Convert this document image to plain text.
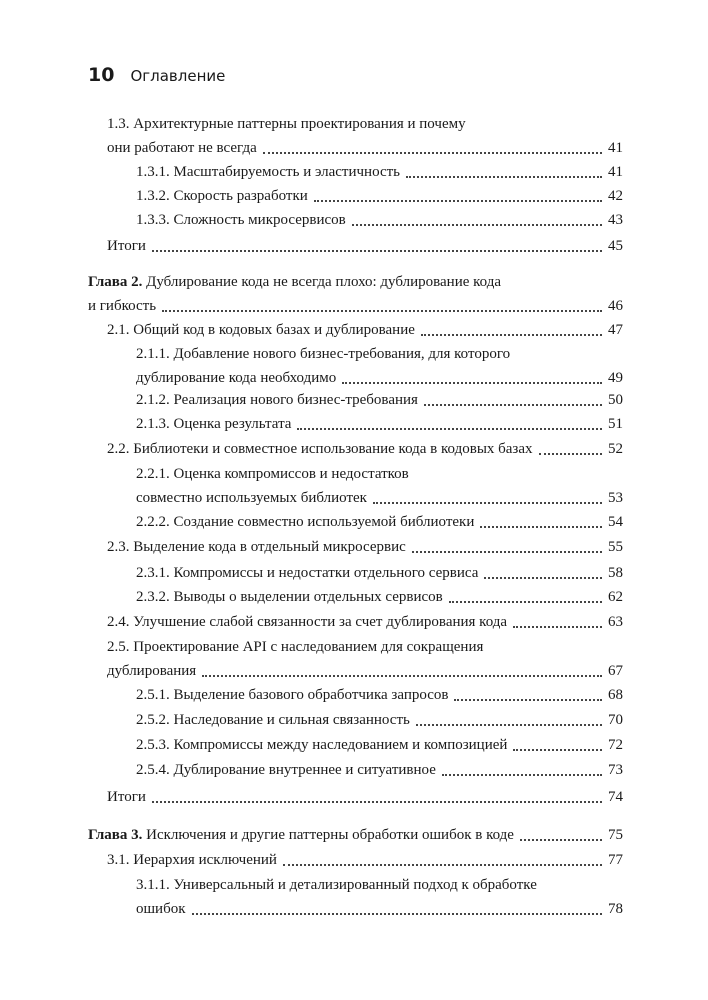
10 Оглавление
1.3. Архитектурные паттерны проектирования и почему
они работают не всегда	41
1.3.1. Масштабируемость и эластичность	41
1.3.2. Скорость разработки	42
1.3.3. Сложность микросервисов	43
Итоги	45
Глава 2. Дублирование кода не всегда плохо: дублирование кода
и гибкость	46
2.1. Общий код в кодовых базах и дублирование	47
2.1.1. Добавление нового бизнес-требования, для которого
дублирование кода необходимо	49
2.1.2. Реализация нового бизнес-требования	50
2.1.3. Оценка результата	51
2.2. Библиотеки и совместное использование кода в кодовых базах	52
2.2.1. Оценка компромиссов и недостатков
совместно используемых библиотек	53
2.2.2. Создание совместно используемой библиотеки	54
2.3. Выделение кода в отдельный микросервис	55
2.3.1. Компромиссы и недостатки отдельного сервиса	58
2.3.2. Выводы о выделении отдельных сервисов	62
2.4. Улучшение слабой связанности за счет дублирования кода	63
2.5. Проектирование API с наследованием для сокращения
дублирования	67
2.5.1. Выделение базового обработчика запросов	68
2.5.2. Наследование и сильная связанность	70
2.5.3. Компромиссы между наследованием и композицией	72
2.5.4. Дублирование внутреннее и ситуативное	73
Итоги	74
Глава 3. Исключения и другие паттерны обработки ошибок в коде	75
3.1. Иерархия исключений	77
3.1.1. Универсальный и детализированный подход к обработке
ошибок	78
